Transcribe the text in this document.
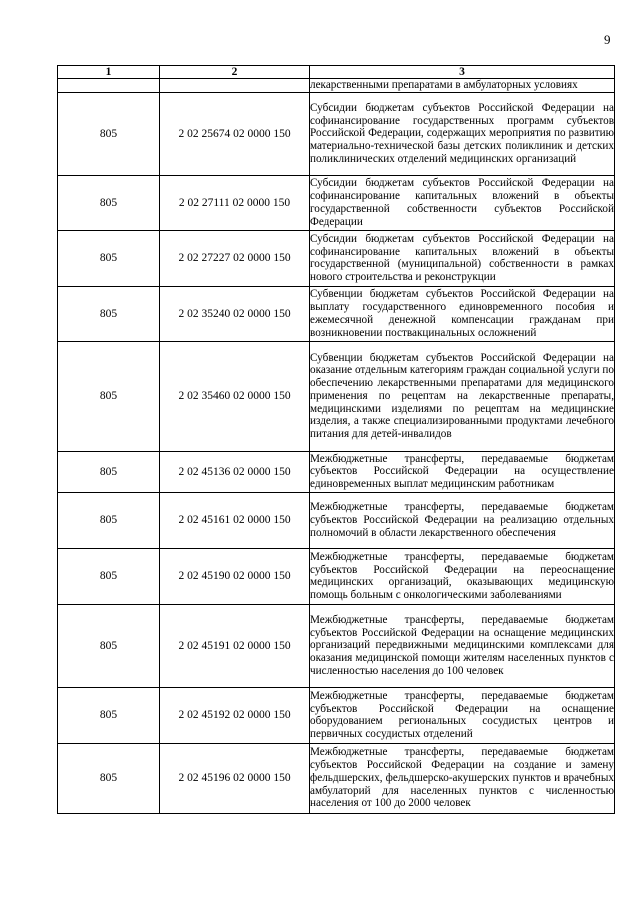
9
1	2	3

		лекарственными препаратами в амбулаторных условиях

805	2 02 25674 02 0000 150	Субсидии бюджетам субъектов Российской Федерации на софинансирование государственных программ субъектов Российской Федерации, содержащих мероприятия по развитию материально-технической базы детских поликлиник и детских поликлинических отделений медицинских организаций

805	2 02 27111 02 0000 150	Субсидии бюджетам субъектов Российской Федерации на софинансирование капитальных вложений в объекты государственной собственности субъектов Российской Федерации

805	2 02 27227 02 0000 150	Субсидии бюджетам субъектов Российской Федерации на софинансирование капитальных вложений в объекты государственной (муниципальной) собственности в рамках нового строительства и реконструкции

805	2 02 35240 02 0000 150	Субвенции бюджетам субъектов Российской Федерации на выплату государственного единовременного пособия и ежемесячной денежной компенсации гражданам при возникновении поствакцинальных осложнений

805	2 02 35460 02 0000 150	Субвенции бюджетам субъектов Российской Федерации на оказание отдельным категориям граждан социальной услуги по обеспечению лекарственными препаратами для медицинского применения по рецептам на лекарственные препараты, медицинскими изделиями по рецептам на медицинские изделия, а также специализированными продуктами лечебного питания для детей-инвалидов

805	2 02 45136 02 0000 150	Межбюджетные трансферты, передаваемые бюджетам субъектов Российской Федерации на осуществление единовременных выплат медицинским работникам

805	2 02 45161 02 0000 150	Межбюджетные трансферты, передаваемые бюджетам субъектов Российской Федерации на реализацию отдельных полномочий в области лекарственного обеспечения

805	2 02 45190 02 0000 150	Межбюджетные трансферты, передаваемые бюджетам субъектов Российской Федерации на переоснащение медицинских организаций, оказывающих медицинскую помощь больным с онкологическими заболеваниями

805	2 02 45191 02 0000 150	Межбюджетные трансферты, передаваемые бюджетам субъектов Российской Федерации на оснащение медицинских организаций передвижными медицинскими комплексами для оказания медицинской помощи жителям населенных пунктов с численностью населения до 100 человек

805	2 02 45192 02 0000 150	Межбюджетные трансферты, передаваемые бюджетам субъектов Российской Федерации на оснащение оборудованием региональных сосудистых центров и первичных сосудистых отделений

805	2 02 45196 02 0000 150	Межбюджетные трансферты, передаваемые бюджетам субъектов Российской Федерации на создание и замену фельдшерских, фельдшерско-акушерских пунктов и врачебных амбулаторий для населенных пунктов с численностью населения от 100 до 2000 человек
